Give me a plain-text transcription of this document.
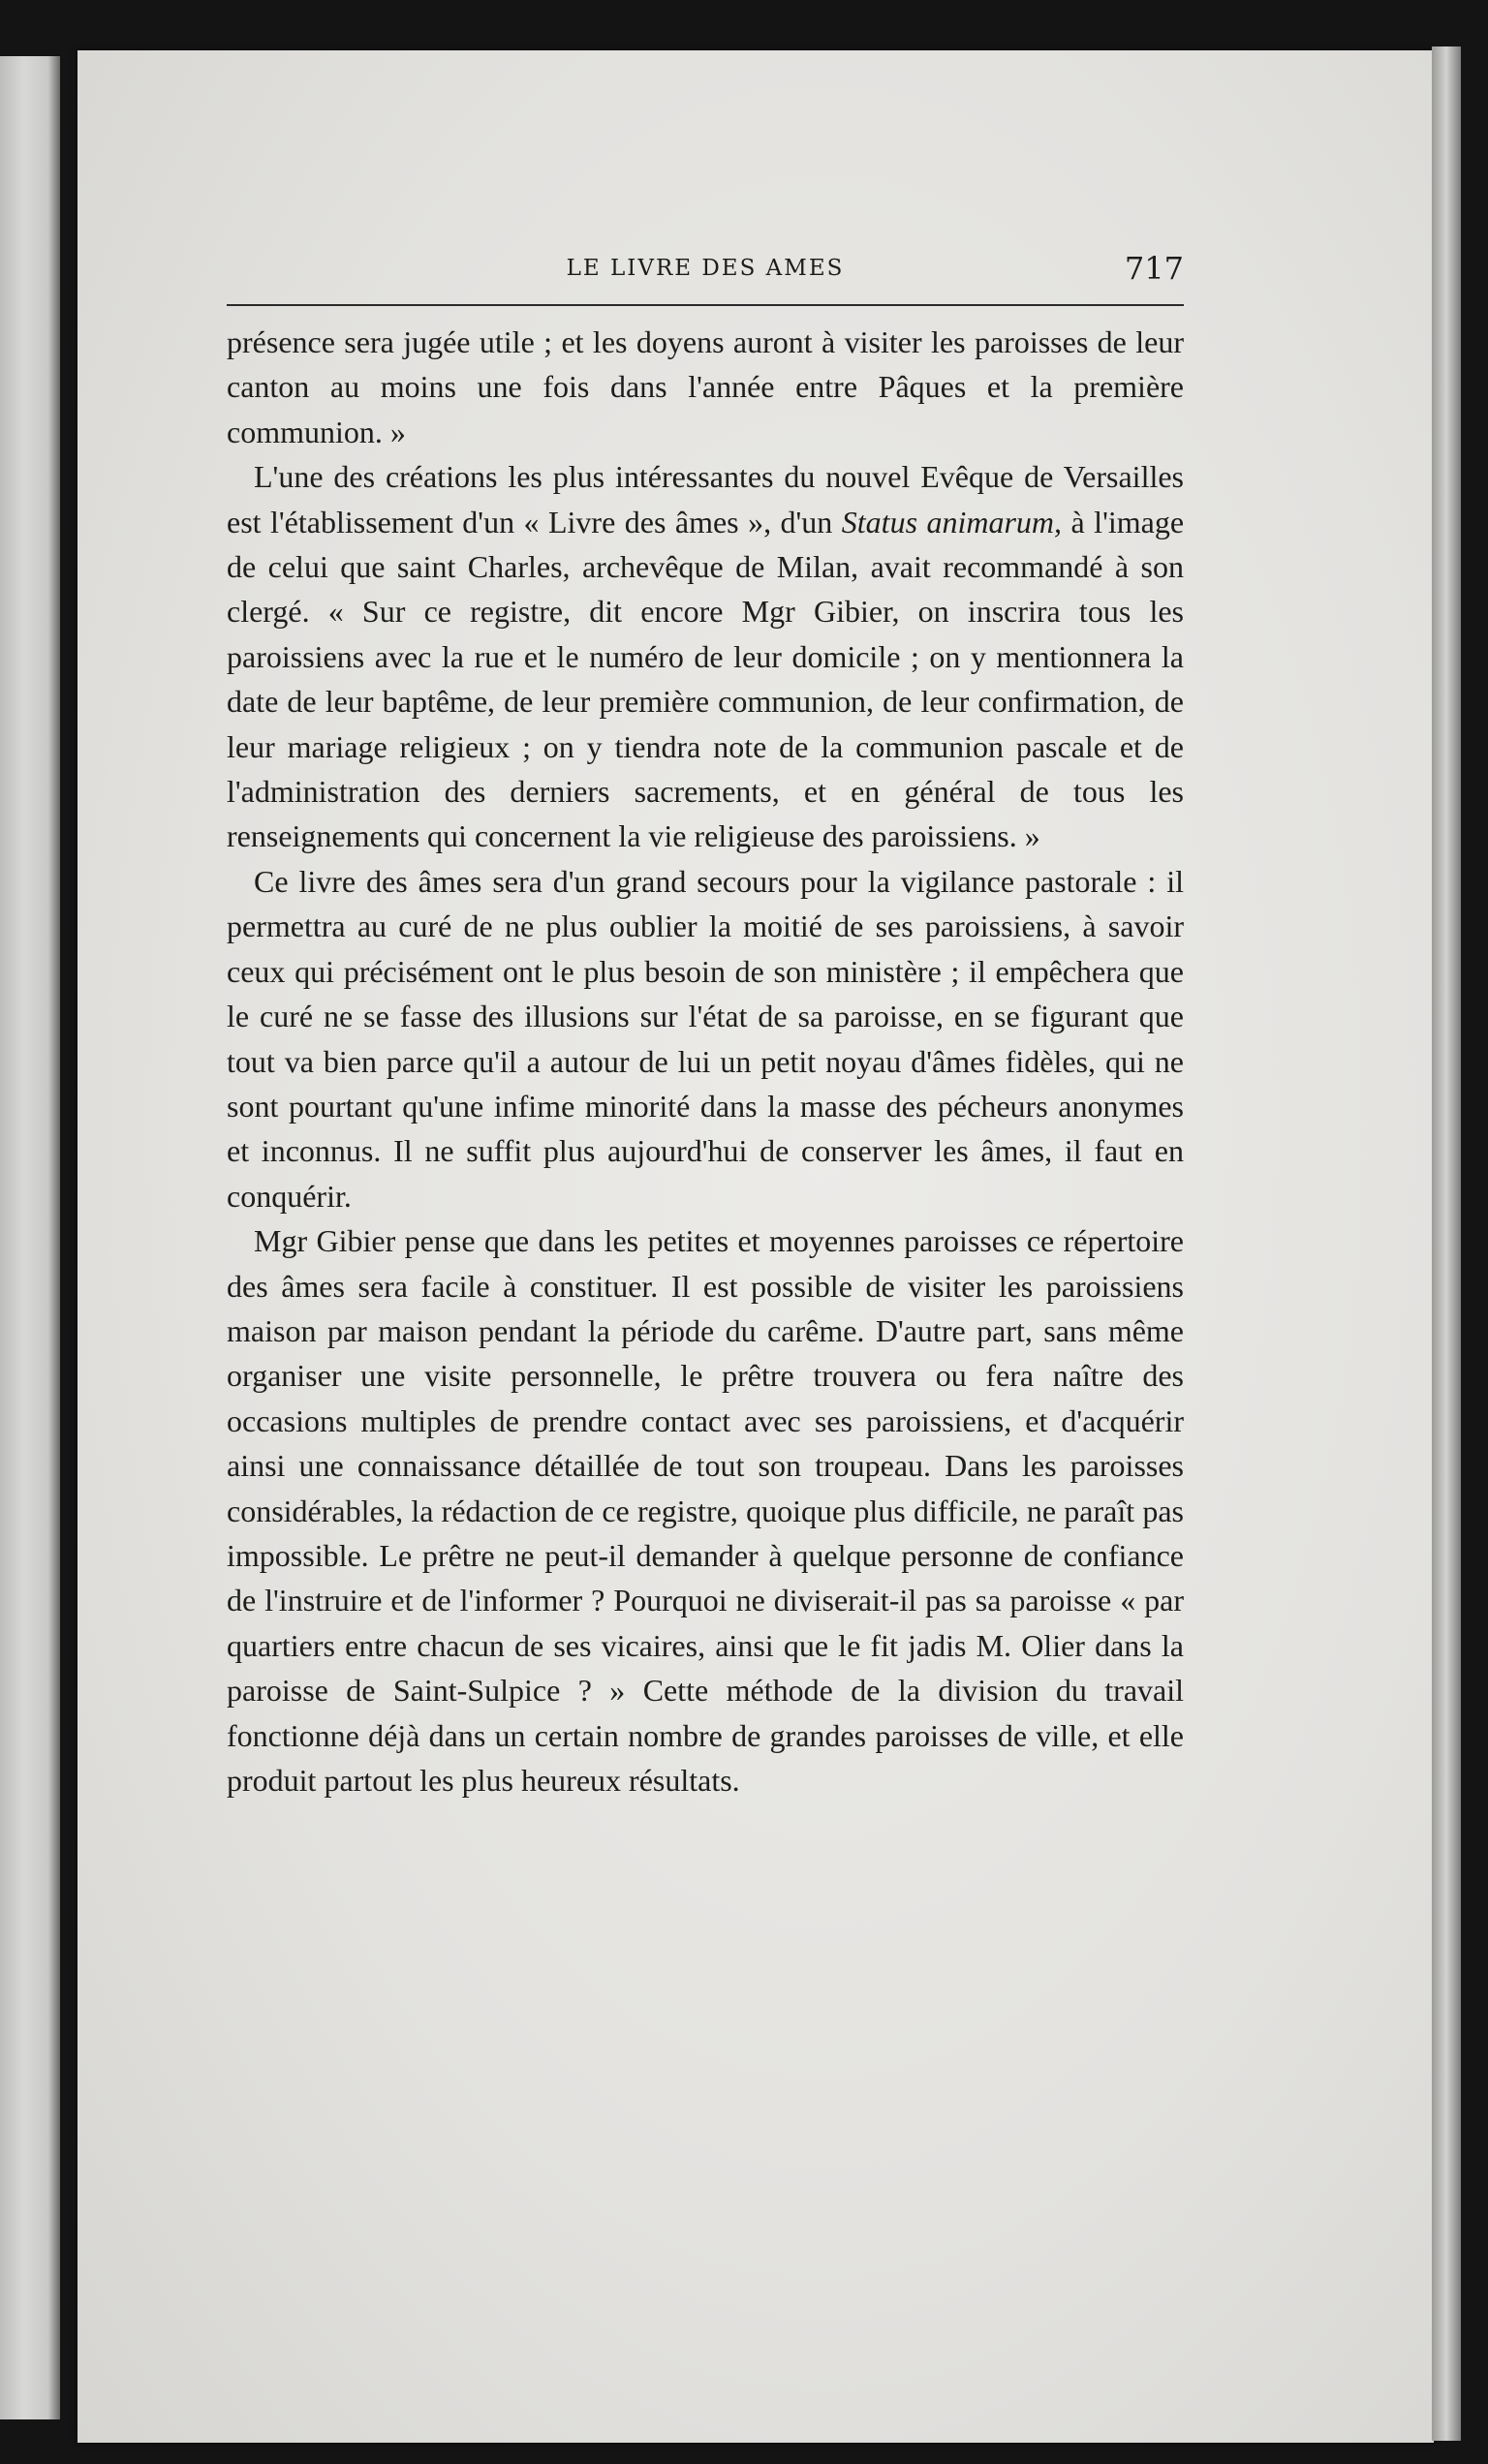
LE LIVRE DES AMES	717

présence sera jugée utile ; et les doyens auront à visiter les paroisses de leur canton au moins une fois dans l'année entre Pâques et la première communion. »

L'une des créations les plus intéressantes du nouvel Evêque de Versailles est l'établissement d'un « Livre des âmes », d'un Status animarum, à l'image de celui que saint Charles, archevêque de Milan, avait recommandé à son clergé. « Sur ce registre, dit encore Mgr Gibier, on inscrira tous les paroissiens avec la rue et le numéro de leur domicile ; on y mentionnera la date de leur baptême, de leur première communion, de leur confirmation, de leur mariage religieux ; on y tiendra note de la communion pascale et de l'administration des derniers sacrements, et en général de tous les renseignements qui concernent la vie religieuse des paroissiens. »

Ce livre des âmes sera d'un grand secours pour la vigilance pastorale : il permettra au curé de ne plus oublier la moitié de ses paroissiens, à savoir ceux qui précisément ont le plus besoin de son ministère ; il empêchera que le curé ne se fasse des illusions sur l'état de sa paroisse, en se figurant que tout va bien parce qu'il a autour de lui un petit noyau d'âmes fidèles, qui ne sont pourtant qu'une infime minorité dans la masse des pécheurs anonymes et inconnus. Il ne suffit plus aujourd'hui de conserver les âmes, il faut en conquérir.

Mgr Gibier pense que dans les petites et moyennes paroisses ce répertoire des âmes sera facile à constituer. Il est possible de visiter les paroissiens maison par maison pendant la période du carême. D'autre part, sans même organiser une visite personnelle, le prêtre trouvera ou fera naître des occasions multiples de prendre contact avec ses paroissiens, et d'acquérir ainsi une connaissance détaillée de tout son troupeau. Dans les paroisses considérables, la rédaction de ce registre, quoique plus difficile, ne paraît pas impossible. Le prêtre ne peut-il demander à quelque personne de confiance de l'instruire et de l'informer ? Pourquoi ne diviserait-il pas sa paroisse « par quartiers entre chacun de ses vicaires, ainsi que le fit jadis M. Olier dans la paroisse de Saint-Sulpice ? » Cette méthode de la division du travail fonctionne déjà dans un certain nombre de grandes paroisses de ville, et elle produit partout les plus heureux résultats.
